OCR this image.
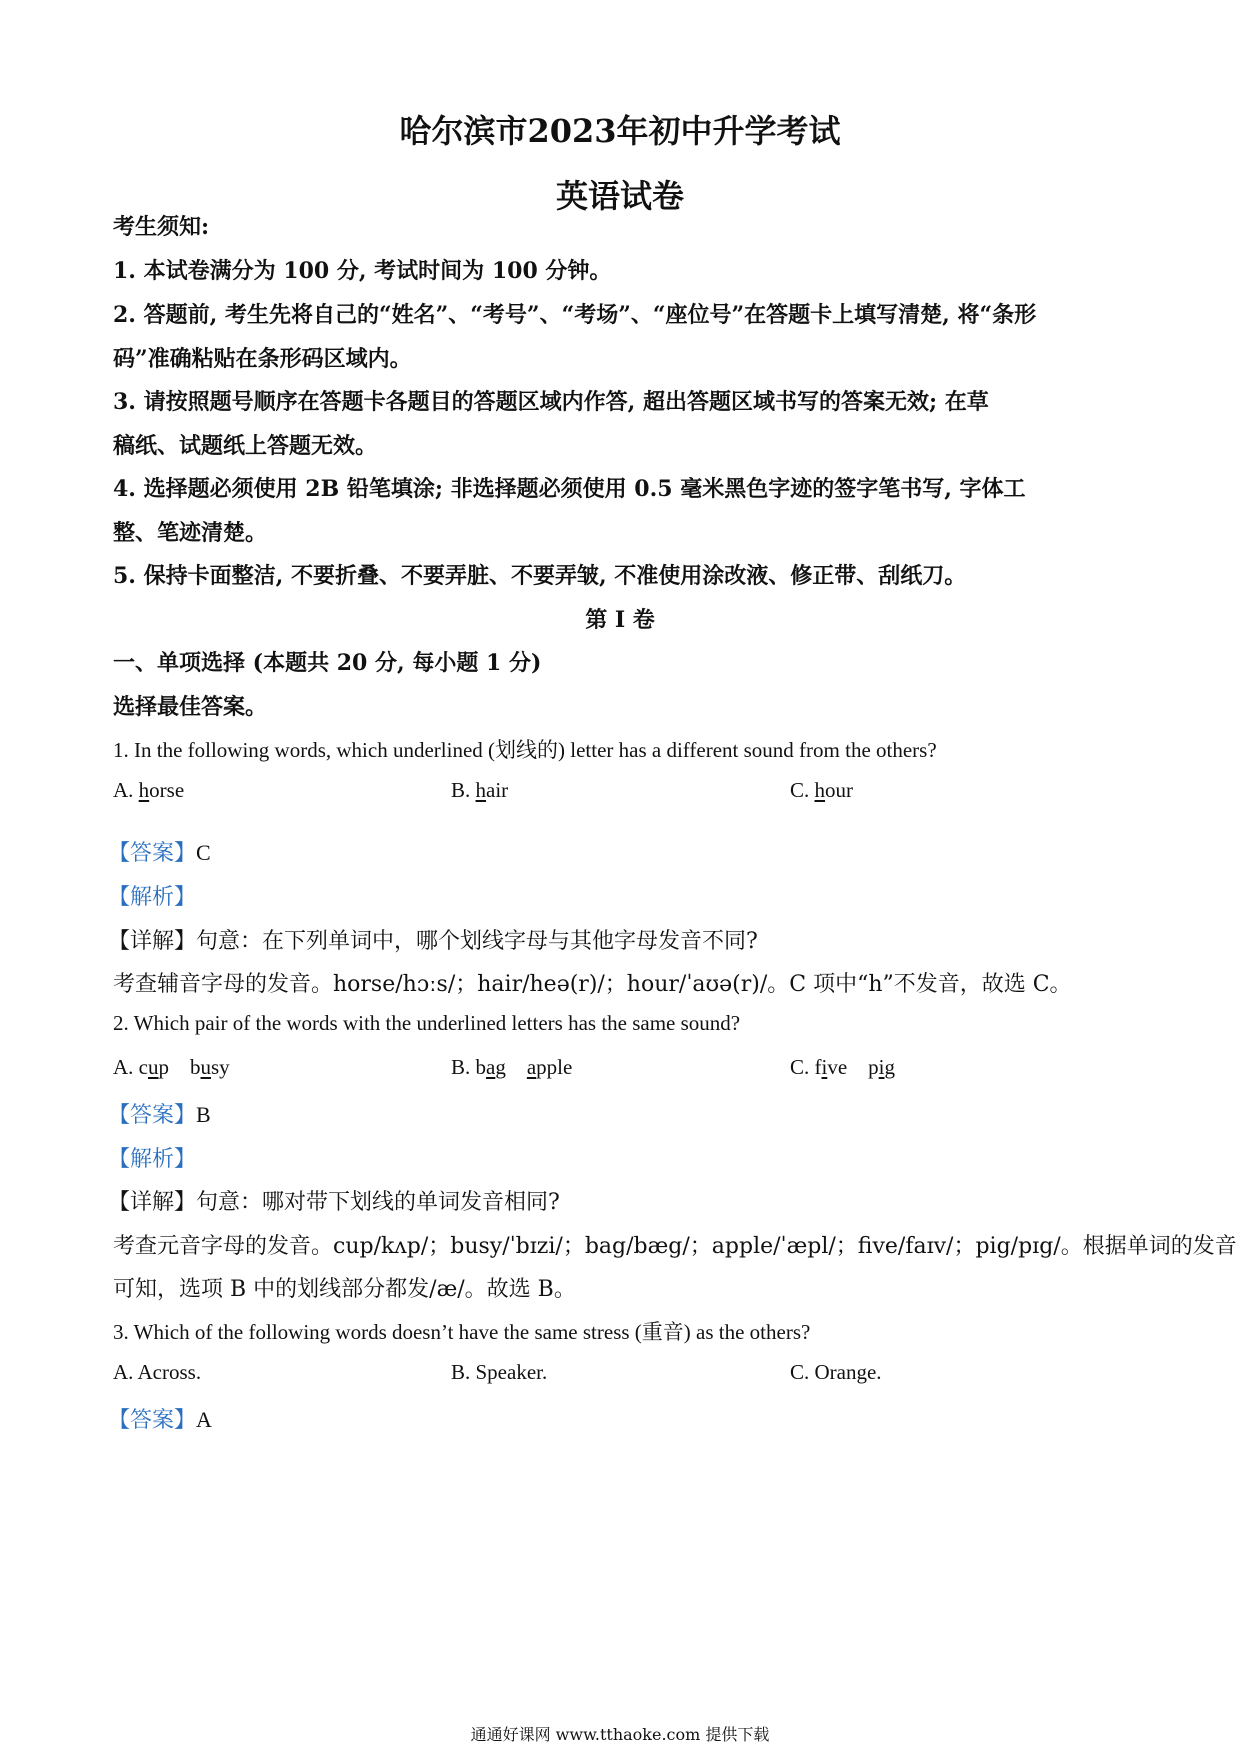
哈尔滨市2023年初中升学考试
英语试卷
考生须知:
1. 本试卷满分为 100 分, 考试时间为 100 分钟。
2. 答题前, 考生先将自己的“姓名”、“考号”、“考场”、“座位号”在答题卡上填写清楚, 将“条形
码”准确粘贴在条形码区域内。
3. 请按照题号顺序在答题卡各题目的答题区域内作答, 超出答题区域书写的答案无效; 在草
稿纸、试题纸上答题无效。
4. 选择题必须使用 2B 铅笔填涂; 非选择题必须使用 0.5 毫米黑色字迹的签字笔书写, 字体工
整、笔迹清楚。
5. 保持卡面整洁, 不要折叠、不要弄脏、不要弄皱, 不准使用涂改液、修正带、刮纸刀。
第 I 卷
一、单项选择 (本题共 20 分, 每小题 1 分)
选择最佳答案。
1. In the following words, which underlined (划线的) letter has a different sound from the others?
A. horse	B. hair	C. hour
【答案】C
【解析】
【详解】句意：在下列单词中，哪个划线字母与其他字母发音不同?
考查辅音字母的发音。horse/hɔːs/；hair/heə(r)/；hour/ˈaʊə(r)/。C 项中“h”不发音，故选 C。
2. Which pair of the words with the underlined letters has the same sound?
A. cup busy	B. bag apple	C. five pig
【答案】B
【解析】
【详解】句意：哪对带下划线的单词发音相同?
考查元音字母的发音。cup/kʌp/；busy/ˈbɪzi/；bag/bæg/；apple/ˈæpl/；five/faɪv/；pig/pɪg/。根据单词的发音
可知，选项 B 中的划线部分都发/æ/。故选 B。
3. Which of the following words doesn’t have the same stress (重音) as the others?
A. Across.	B. Speaker.	C. Orange.
【答案】A
通通好课网 www.tthaoke.com 提供下载
